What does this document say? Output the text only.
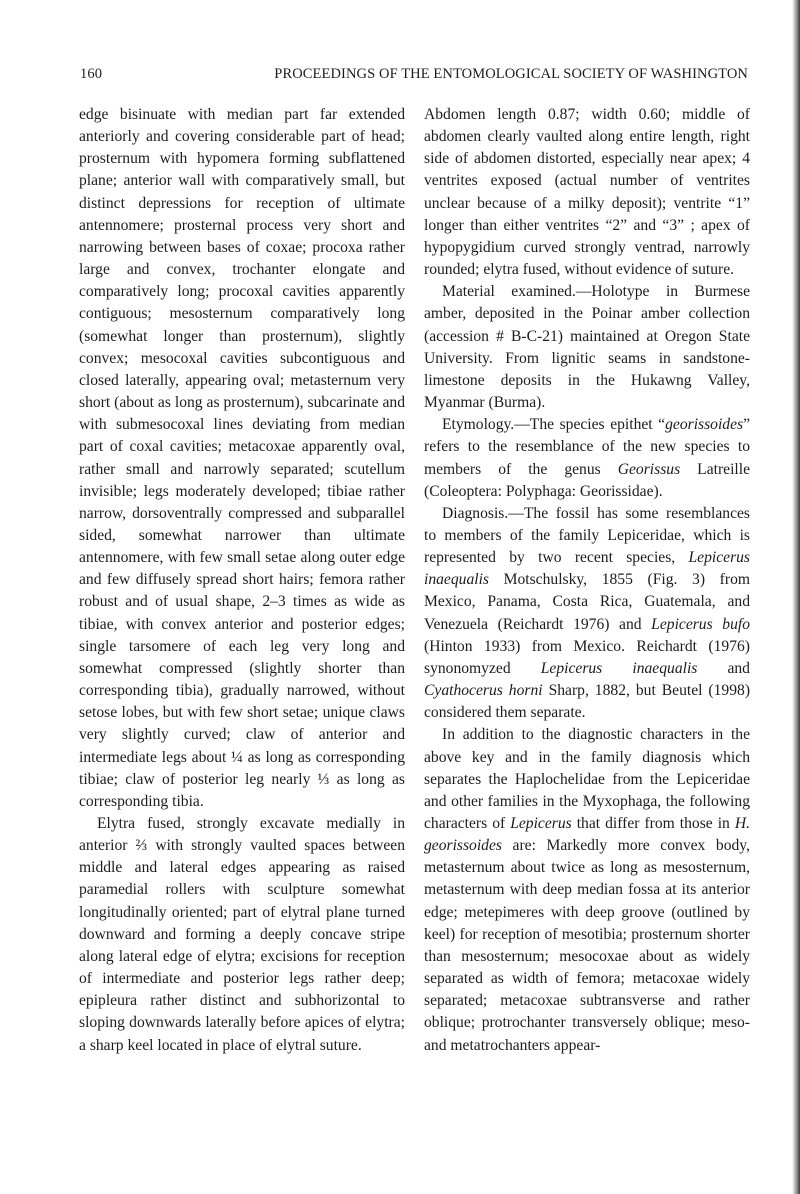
160	PROCEEDINGS OF THE ENTOMOLOGICAL SOCIETY OF WASHINGTON

edge bisinuate with median part far extended anteriorly and covering considerable part of head; prosternum with hypomera forming subflattened plane; anterior wall with comparatively small, but distinct depressions for reception of ultimate antennomere; prosternal process very short and narrowing between bases of coxae; procoxa rather large and convex, trochanter elongate and comparatively long; procoxal cavities apparently contiguous; mesosternum comparatively long (somewhat longer than prosternum), slightly convex; mesocoxal cavities subcontiguous and closed laterally, appearing oval; metasternum very short (about as long as prosternum), subcarinate and with submesocoxal lines deviating from median part of coxal cavities; metacoxae apparently oval, rather small and narrowly separated; scutellum invisible; legs moderately developed; tibiae rather narrow, dorsoventrally compressed and subparallel sided, somewhat narrower than ultimate antennomere, with few small setae along outer edge and few diffusely spread short hairs; femora rather robust and of usual shape, 2–3 times as wide as tibiae, with convex anterior and posterior edges; single tarsomere of each leg very long and somewhat compressed (slightly shorter than corresponding tibia), gradually narrowed, without setose lobes, but with few short setae; unique claws very slightly curved; claw of anterior and intermediate legs about ¼ as long as corresponding tibiae; claw of posterior leg nearly ⅓ as long as corresponding tibia.

Elytra fused, strongly excavate medially in anterior ⅔ with strongly vaulted spaces between middle and lateral edges appearing as raised paramedial rollers with sculpture somewhat longitudinally oriented; part of elytral plane turned downward and forming a deeply concave stripe along lateral edge of elytra; excisions for reception of intermediate and posterior legs rather deep; epipleura rather distinct and subhorizontal to sloping downwards laterally before apices of elytra; a sharp keel located in place of elytral suture.

Abdomen length 0.87; width 0.60; middle of abdomen clearly vaulted along entire length, right side of abdomen distorted, especially near apex; 4 ventrites exposed (actual number of ventrites unclear because of a milky deposit); ventrite “1” longer than either ventrites “2” and “3” ; apex of hypopygidium curved strongly ventrad, narrowly rounded; elytra fused, without evidence of suture.

Material examined.—Holotype in Burmese amber, deposited in the Poinar amber collection (accession # B-C-21) maintained at Oregon State University. From lignitic seams in sandstone-limestone deposits in the Hukawng Valley, Myanmar (Burma).

Etymology.—The species epithet “georissoides” refers to the resemblance of the new species to members of the genus Georissus Latreille (Coleoptera: Polyphaga: Georissidae).

Diagnosis.—The fossil has some resemblances to members of the family Lepiceridae, which is represented by two recent species, Lepicerus inaequalis Motschulsky, 1855 (Fig. 3) from Mexico, Panama, Costa Rica, Guatemala, and Venezuela (Reichardt 1976) and Lepicerus bufo (Hinton 1933) from Mexico. Reichardt (1976) synonomyzed Lepicerus inaequalis and Cyathocerus horni Sharp, 1882, but Beutel (1998) considered them separate.

In addition to the diagnostic characters in the above key and in the family diagnosis which separates the Haplochelidae from the Lepiceridae and other families in the Myxophaga, the following characters of Lepicerus that differ from those in H. georissoides are: Markedly more convex body, metasternum about twice as long as mesosternum, metasternum with deep median fossa at its anterior edge; metepimeres with deep groove (outlined by keel) for reception of mesotibia; prosternum shorter than mesosternum; mesocoxae about as widely separated as width of femora; metacoxae widely separated; metacoxae subtransverse and rather oblique; protrochanter transversely oblique; meso- and metatrochanters appear-
